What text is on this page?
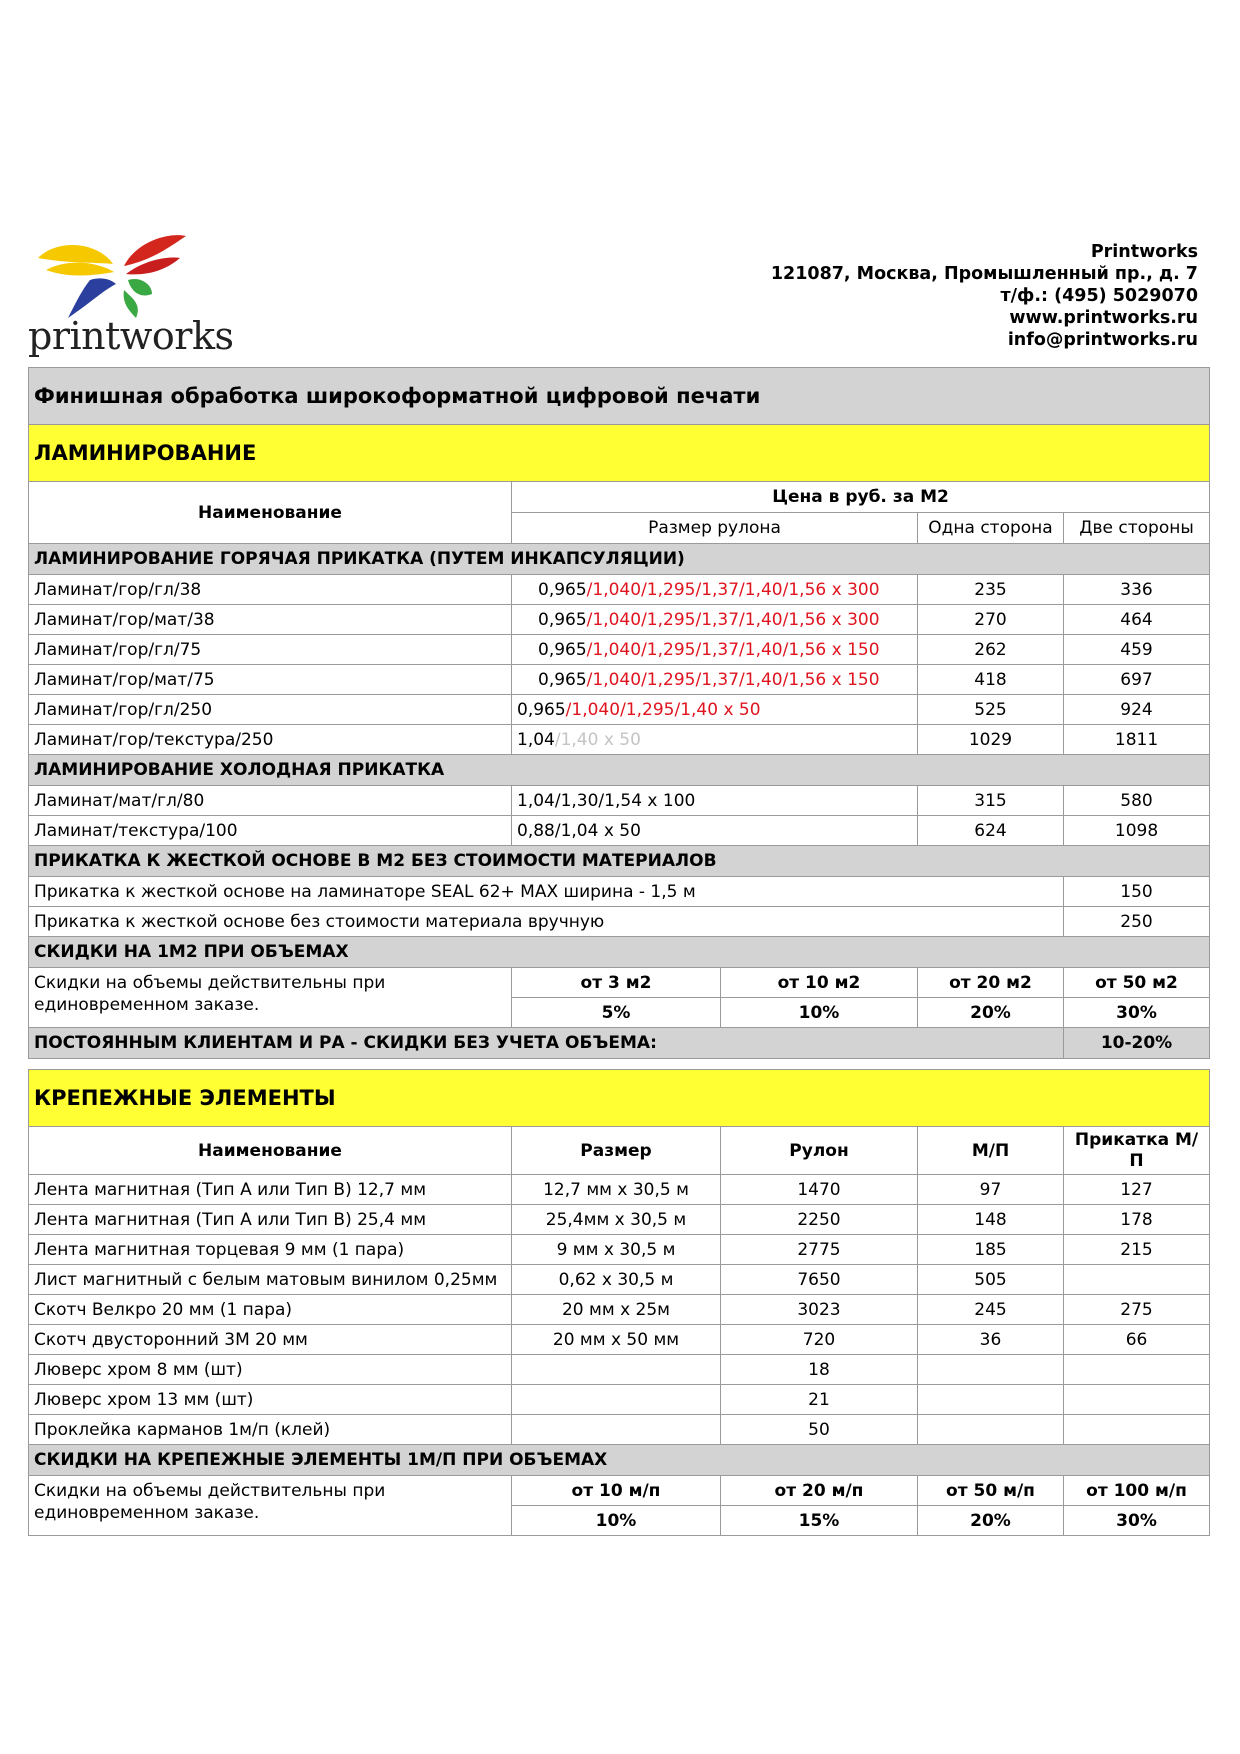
printworks
Printworks
121087, Москва, Промышленный пр., д. 7
т/ф.: (495) 5029070
www.printworks.ru
info@printworks.ru
Финишная обработка широкоформатной цифровой печати				
ЛАМИНИРОВАНИЕ				
Наименование	Цена в руб. за М2			
	Размер рулона		Одна сторона	Две стороны
ЛАМИНИРОВАНИЕ ГОРЯЧАЯ ПРИКАТКА (ПУТЕМ ИНКАПСУЛЯЦИИ)				
Ламинат/гор/гл/38	0,965/1,040/1,295/1,37/1,40/1,56 х 300		235	336
Ламинат/гор/мат/38	0,965/1,040/1,295/1,37/1,40/1,56 х 300		270	464
Ламинат/гор/гл/75	0,965/1,040/1,295/1,37/1,40/1,56 х 150		262	459
Ламинат/гор/мат/75	0,965/1,040/1,295/1,37/1,40/1,56 х 150		418	697
Ламинат/гор/гл/250	0,965/1,040/1,295/1,40 х 50		525	924
Ламинат/гор/текстура/250	1,04/1,40 х 50		1029	1811
ЛАМИНИРОВАНИЕ ХОЛОДНАЯ ПРИКАТКА				
Ламинат/мат/гл/80	1,04/1,30/1,54 х 100		315	580
Ламинат/текстура/100	0,88/1,04 х 50		624	1098
ПРИКАТКА К ЖЕСТКОЙ ОСНОВЕ В М2 БЕЗ СТОИМОСТИ МАТЕРИАЛОВ				
Прикатка к жесткой основе на ламинаторе SEAL 62+ MAX ширина - 1,5 м				150
Прикатка к жесткой основе без стоимости материала вручную				250
СКИДКИ НА 1М2 ПРИ ОБЪЕМАХ				
Скидки на объемы действительны при единовременном заказе.	от 3 м2	от 10 м2	от 20 м2	от 50 м2
	5%	10%	20%	30%
ПОСТОЯННЫМ КЛИЕНТАМ И РА - СКИДКИ БЕЗ УЧЕТА ОБЪЕМА:				10-20%
КРЕПЕЖНЫЕ ЭЛЕМЕНТЫ				
Наименование	Размер	Рулон	М/П	Прикатка М/П
Лента магнитная (Тип А или Тип В) 12,7 мм	12,7 мм х 30,5 м	1470	97	127
Лента магнитная (Тип А или Тип В) 25,4 мм	25,4мм х 30,5 м	2250	148	178
Лента магнитная торцевая 9 мм (1 пара)	9 мм х 30,5 м	2775	185	215
Лист магнитный с белым матовым винилом 0,25мм	0,62 х 30,5 м	7650	505	
Скотч Велкро 20 мм (1 пара)	20 мм х 25м	3023	245	275
Скотч двусторонний 3М 20 мм	20 мм х 50 мм	720	36	66
Люверс хром 8 мм (шт)		18		
Люверс хром 13 мм (шт)		21		
Проклейка карманов 1м/п (клей)		50		
СКИДКИ НА КРЕПЕЖНЫЕ ЭЛЕМЕНТЫ 1М/П ПРИ ОБЪЕМАХ				
Скидки на объемы действительны при единовременном заказе.	от 10 м/п	от 20 м/п	от 50 м/п	от 100 м/п
	10%	15%	20%	30%
